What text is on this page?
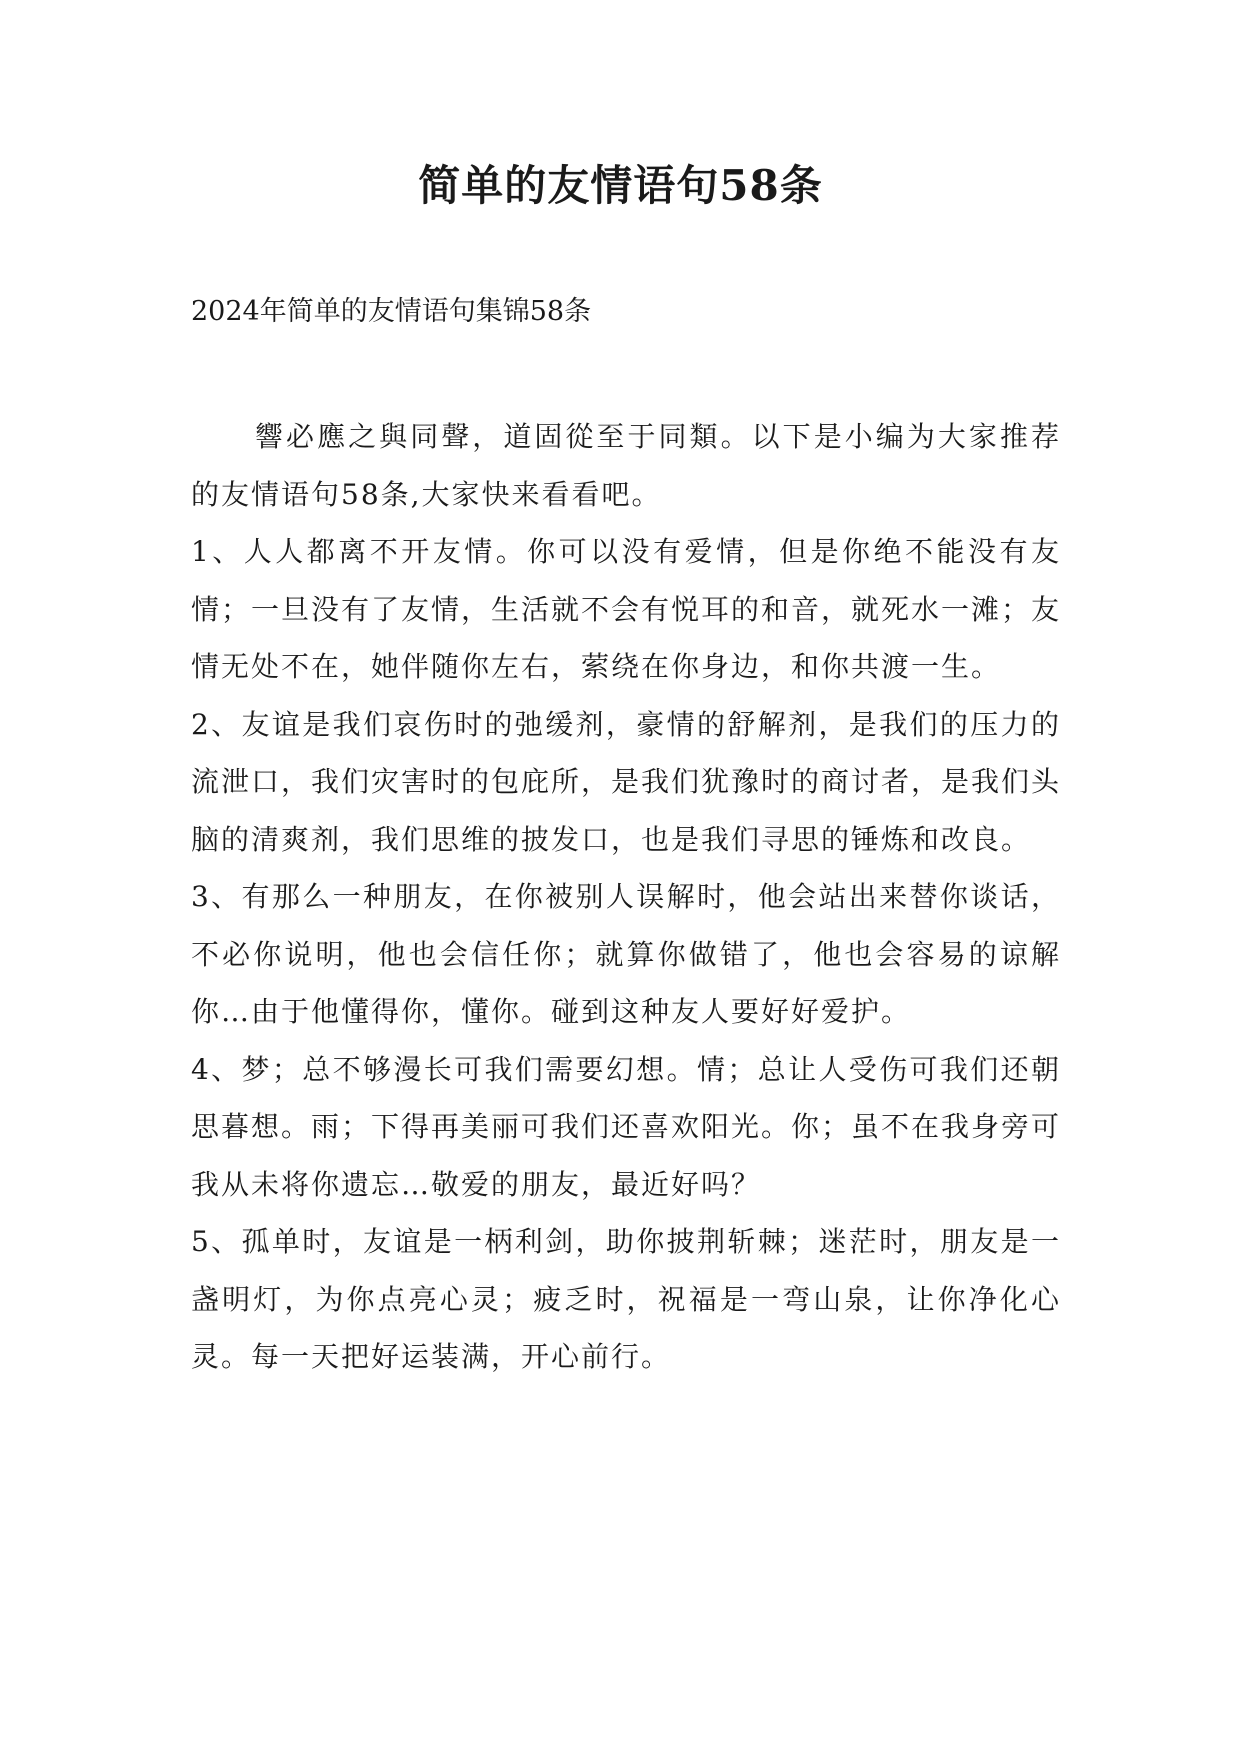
简单的友情语句58条

2024年简单的友情语句集锦58条

響必應之與同聲，道固從至于同類。以下是小编为大家推荐的友情语句58条,大家快来看看吧。

1、人人都离不开友情。你可以没有爱情，但是你绝不能没有友情；一旦没有了友情，生活就不会有悦耳的和音，就死水一滩；友情无处不在，她伴随你左右，萦绕在你身边，和你共渡一生。

2、友谊是我们哀伤时的弛缓剂，豪情的舒解剂，是我们的压力的流泄口，我们灾害时的包庇所，是我们犹豫时的商讨者，是我们头脑的清爽剂，我们思维的披发口，也是我们寻思的锤炼和改良。

3、有那么一种朋友，在你被别人误解时，他会站出来替你谈话，不必你说明，他也会信任你；就算你做错了，他也会容易的谅解你…由于他懂得你，懂你。碰到这种友人要好好爱护。

4、梦；总不够漫长可我们需要幻想。情；总让人受伤可我们还朝思暮想。雨；下得再美丽可我们还喜欢阳光。你；虽不在我身旁可我从未将你遗忘…敬爱的朋友，最近好吗？

5、孤单时，友谊是一柄利剑，助你披荆斩棘；迷茫时，朋友是一盏明灯，为你点亮心灵；疲乏时，祝福是一弯山泉，让你净化心灵。每一天把好运装满，开心前行。
